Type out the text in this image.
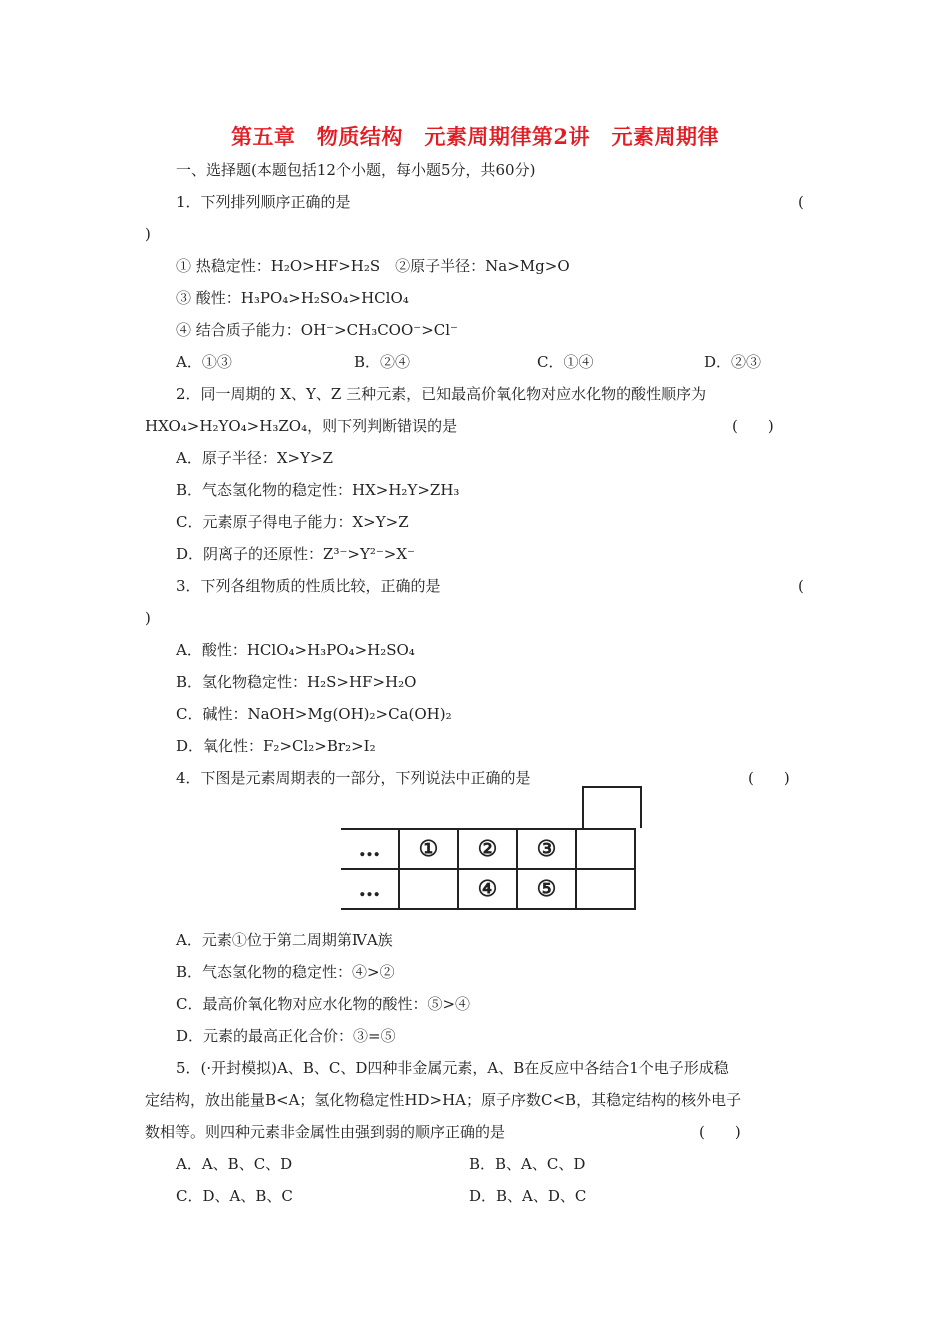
第五章　物质结构　元素周期律第2讲　元素周期律
一、选择题(本题包括12个小题，每小题5分，共60分)
1．下列排列顺序正确的是	(
)
① 热稳定性：H₂O>HF>H₂S　②原子半径：Na>Mg>O
③ 酸性：H₃PO₄>H₂SO₄>HClO₄
④ 结合质子能力：OH⁻>CH₃COO⁻>Cl⁻
A．①③	B．②④	C．①④	D．②③
2．同一周期的 X、Y、Z 三种元素，已知最高价氧化物对应水化物的酸性顺序为
HXO₄>H₂YO₄>H₃ZO₄，则下列判断错误的是	(　　)
A．原子半径：X>Y>Z
B．气态氢化物的稳定性：HX>H₂Y>ZH₃
C．元素原子得电子能力：X>Y>Z
D．阴离子的还原性：Z³⁻>Y²⁻>X⁻
3．下列各组物质的性质比较，正确的是	(
)
A．酸性：HClO₄>H₃PO₄>H₂SO₄
B．氢化物稳定性：H₂S>HF>H₂O
C．碱性：NaOH>Mg(OH)₂>Ca(OH)₂
D．氧化性：F₂>Cl₂>Br₂>I₂
4．下图是元素周期表的一部分，下列说法中正确的是	(　　)
…	①	②	③	
…		④	⑤	
A．元素①位于第二周期第ⅣA族
B．气态氢化物的稳定性：④>②
C．最高价氧化物对应水化物的酸性：⑤>④
D．元素的最高正化合价：③=⑤
5．(·开封模拟)A、B、C、D四种非金属元素，A、B在反应中各结合1个电子形成稳
定结构，放出能量B<A；氢化物稳定性HD>HA；原子序数C<B，其稳定结构的核外电子
数相等。则四种元素非金属性由强到弱的顺序正确的是	(　　)
A．A、B、C、D	B．B、A、C、D
C．D、A、B、C	D．B、A、D、C
